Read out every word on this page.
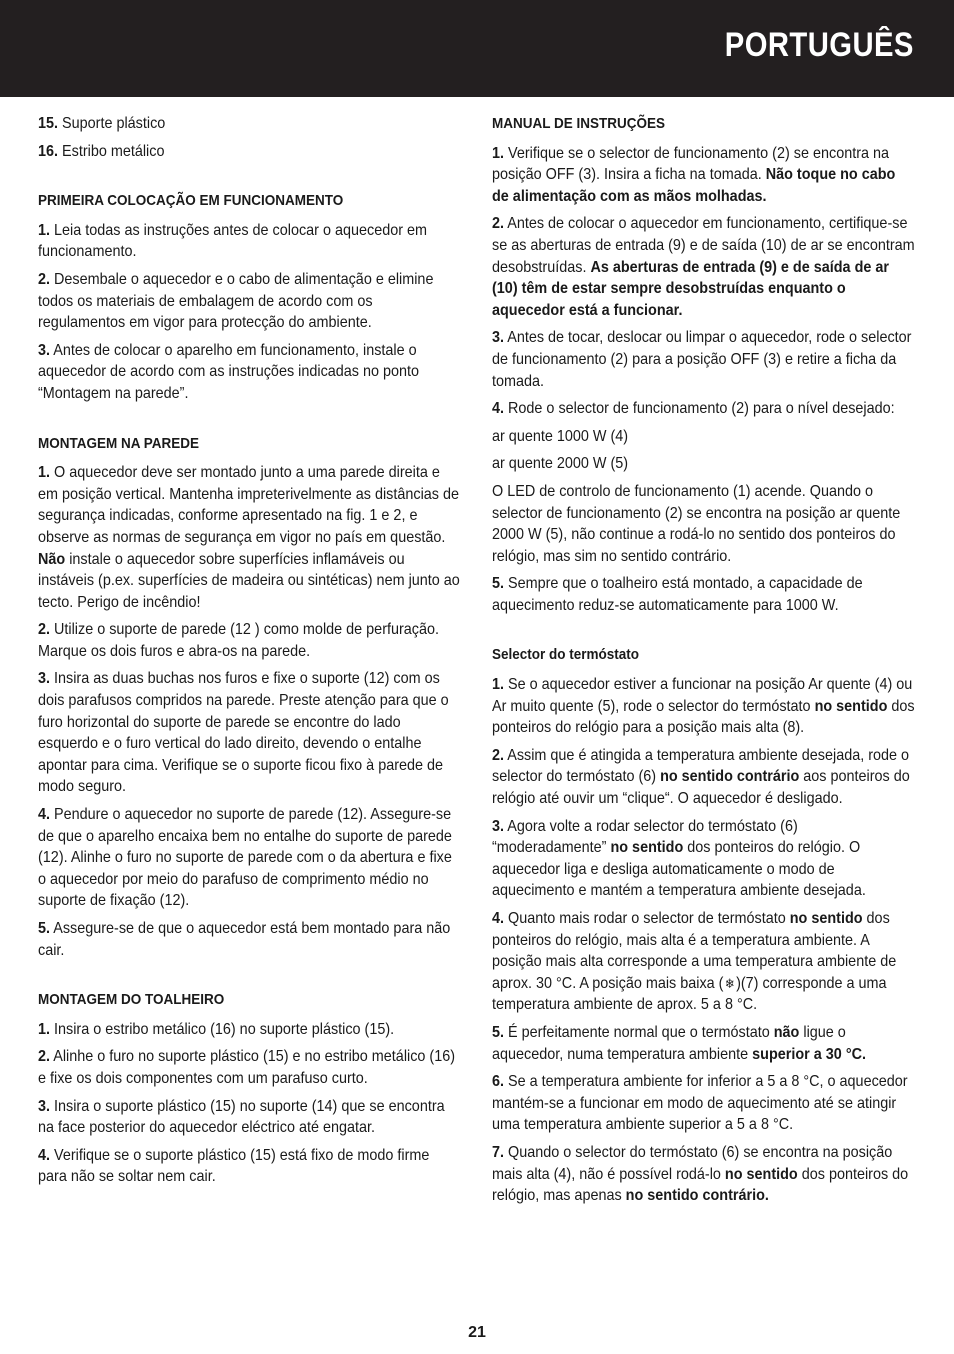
PORTUGUÊS

15. Suporte plástico

16. Estribo metálico

PRIMEIRA COLOCAÇÃO EM FUNCIONAMENTO

1. Leia todas as instruções antes de colocar o aquecedor em funcionamento.

2. Desembale o aquecedor e o cabo de alimentação e elimine todos os materiais de embalagem de acordo com os regulamentos em vigor para protecção do ambiente.

3. Antes de colocar o aparelho em funcionamento, instale o aquecedor de acordo com as instruções indicadas no ponto “Montagem na parede”.

MONTAGEM NA PAREDE

1. O aquecedor deve ser montado junto a uma parede direita e em posição vertical. Mantenha impreterivelmente as distâncias de segurança indicadas, conforme apresentado na fig. 1 e 2, e observe as normas de segurança em vigor no país em questão. Não instale o aquecedor sobre superfícies inflamáveis ou instáveis (p.ex. superfícies de madeira ou sintéticas) nem junto ao tecto. Perigo de incêndio!

2. Utilize o suporte de parede (12 ) como molde de perfuração. Marque os dois furos e abra-os na parede.

3. Insira as duas buchas nos furos e fixe o suporte (12) com os dois parafusos compridos na parede. Preste atenção para que o furo horizontal do suporte de parede se encontre do lado esquerdo e o furo vertical do lado direito, devendo o entalhe apontar para cima. Verifique se o suporte ficou fixo à parede de modo seguro.

4. Pendure o aquecedor no suporte de parede (12). Assegure-se de que o aparelho encaixa bem no entalhe do suporte de parede (12). Alinhe o furo no suporte de parede com o da abertura e fixe o aquecedor por meio do parafuso de comprimento médio no suporte de fixação (12).

5. Assegure-se de que o aquecedor está bem montado para não cair.

MONTAGEM DO TOALHEIRO

1. Insira o estribo metálico (16) no suporte plástico (15).

2. Alinhe o furo no suporte plástico (15) e no estribo metálico (16) e fixe os dois componentes com um parafuso curto.

3. Insira o suporte plástico (15) no suporte (14) que se encontra na face posterior do aquecedor eléctrico até engatar.

4. Verifique se o suporte plástico (15) está fixo de modo firme para não se soltar nem cair.

MANUAL DE INSTRUÇÕES

1. Verifique se o selector de funcionamento (2) se encontra na posição OFF (3). Insira a ficha na tomada. Não toque no cabo de alimentação com as mãos molhadas.

2. Antes de colocar o aquecedor em funcionamento, certifique-se se as aberturas de entrada (9) e de saída (10) de ar se encontram desobstruídas. As aberturas de entrada (9) e de saída de ar (10) têm de estar sempre desobstruídas enquanto o aquecedor está a funcionar.

3. Antes de tocar, deslocar ou limpar o aquecedor, rode o selector de funcionamento (2) para a posição OFF (3) e retire a ficha da tomada.

4. Rode o selector de funcionamento (2) para o nível desejado:

ar quente 1000 W (4)

ar quente 2000 W (5)

O LED de controlo de funcionamento (1) acende. Quando o selector de funcionamento (2) se encontra na posição ar quente 2000 W (5), não continue a rodá-lo no sentido dos ponteiros do relógio, mas sim no sentido contrário.

5. Sempre que o toalheiro está montado, a capacidade de aquecimento reduz-se automaticamente para 1000 W.

Selector do termóstato

1. Se o aquecedor estiver a funcionar na posição Ar quente (4) ou Ar muito quente (5), rode o selector do termóstato no sentido dos ponteiros do relógio para a posição mais alta (8).

2. Assim que é atingida a temperatura ambiente desejada, rode o selector do termóstato (6) no sentido contrário aos ponteiros do relógio até ouvir um “clique“. O aquecedor é desligado.

3. Agora volte a rodar selector do termóstato (6) “moderadamente” no sentido dos ponteiros do relógio. O aquecedor liga e desliga automaticamente o modo de aquecimento e mantém a temperatura ambiente desejada.

4. Quanto mais rodar o selector de termóstato no sentido dos ponteiros do relógio, mais alta é a temperatura ambiente. A posição mais alta corresponde a uma temperatura ambiente de aprox. 30 °C. A posição mais baixa (❄)(7) corresponde a uma temperatura ambiente de aprox. 5 a 8 °C.

5. É perfeitamente normal que o termóstato não ligue o aquecedor, numa temperatura ambiente superior a 30 °C.

6. Se a temperatura ambiente for inferior a 5 a 8 °C, o aquecedor mantém-se a funcionar em modo de aquecimento até se atingir uma temperatura ambiente superior a 5 a 8 °C.

7. Quando o selector do termóstato (6) se encontra na posição mais alta (4), não é possível rodá-lo no sentido dos ponteiros do relógio, mas apenas no sentido contrário.

21
